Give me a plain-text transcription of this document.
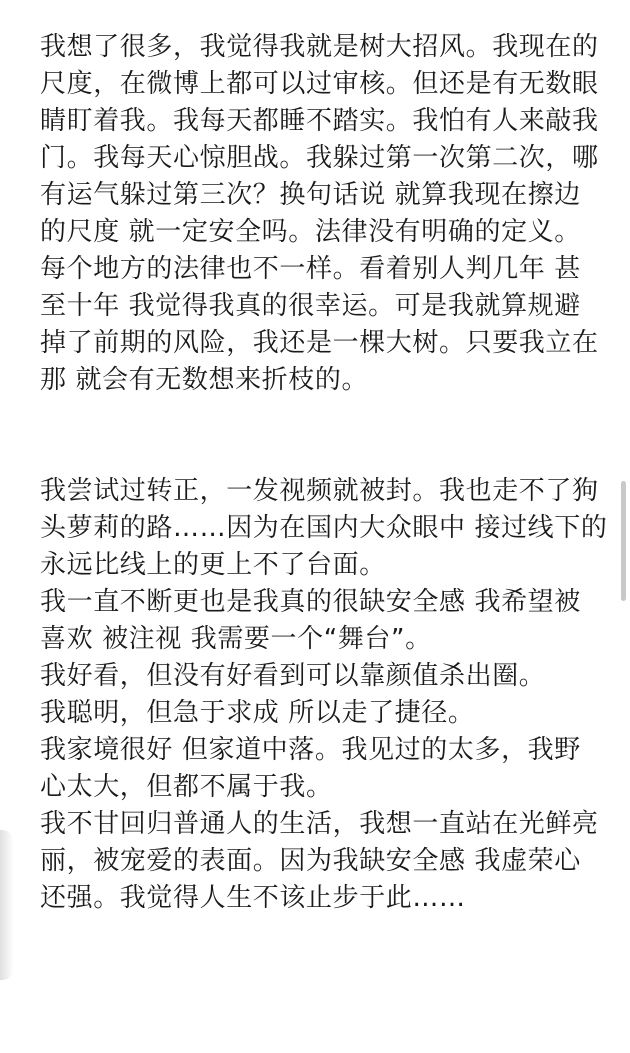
我想了很多，我觉得我就是树大招风。我现在的
尺度，在微博上都可以过审核。但还是有无数眼
睛盯着我。我每天都睡不踏实。我怕有人来敲我
门。我每天心惊胆战。我躲过第一次第二次，哪
有运气躲过第三次？换句话说 就算我现在擦边
的尺度 就一定安全吗。法律没有明确的定义。
每个地方的法律也不一样。看着别人判几年 甚
至十年 我觉得我真的很幸运。可是我就算规避
掉了前期的风险，我还是一棵大树。只要我立在
那 就会有无数想来折枝的。
我尝试过转正，一发视频就被封。我也走不了狗
头萝莉的路……因为在国内大众眼中 接过线下的
永远比线上的更上不了台面。
我一直不断更也是我真的很缺安全感 我希望被
喜欢 被注视 我需要一个“舞台”。
我好看，但没有好看到可以靠颜值杀出圈。
我聪明，但急于求成 所以走了捷径。
我家境很好 但家道中落。我见过的太多，我野
心太大，但都不属于我。
我不甘回归普通人的生活，我想一直站在光鲜亮
丽，被宠爱的表面。因为我缺安全感 我虚荣心
还强。我觉得人生不该止步于此……
